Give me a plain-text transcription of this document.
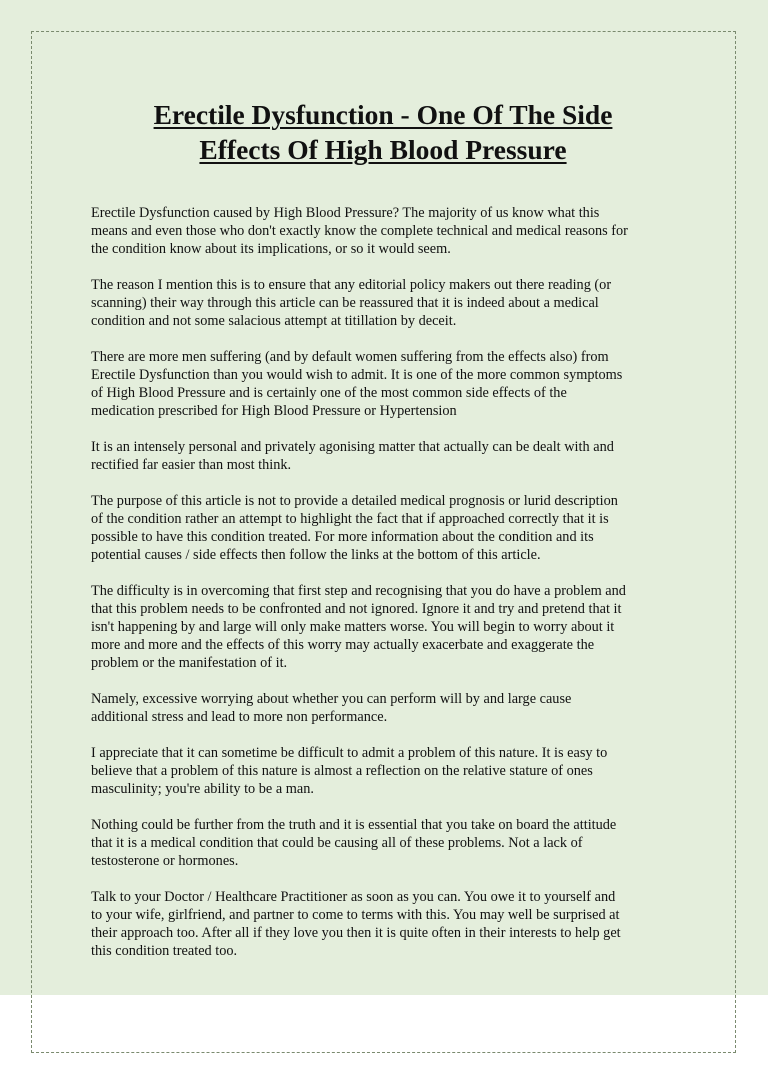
Erectile Dysfunction - One Of The Side
Effects Of High Blood Pressure

Erectile Dysfunction caused by High Blood Pressure? The majority of us know what this
means and even those who don't exactly know the complete technical and medical reasons for
the condition know about its implications, or so it would seem.

The reason I mention this is to ensure that any editorial policy makers out there reading (or
scanning) their way through this article can be reassured that it is indeed about a medical
condition and not some salacious attempt at titillation by deceit.

There are more men suffering (and by default women suffering from the effects also) from
Erectile Dysfunction than you would wish to admit. It is one of the more common symptoms
of High Blood Pressure and is certainly one of the most common side effects of the
medication prescribed for High Blood Pressure or Hypertension

It is an intensely personal and privately agonising matter that actually can be dealt with and
rectified far easier than most think.

The purpose of this article is not to provide a detailed medical prognosis or lurid description
of the condition rather an attempt to highlight the fact that if approached correctly that it is
possible to have this condition treated. For more information about the condition and its
potential causes / side effects then follow the links at the bottom of this article.

The difficulty is in overcoming that first step and recognising that you do have a problem and
that this problem needs to be confronted and not ignored. Ignore it and try and pretend that it
isn't happening by and large will only make matters worse. You will begin to worry about it
more and more and the effects of this worry may actually exacerbate and exaggerate the
problem or the manifestation of it.

Namely, excessive worrying about whether you can perform will by and large cause
additional stress and lead to more non performance.

I appreciate that it can sometime be difficult to admit a problem of this nature. It is easy to
believe that a problem of this nature is almost a reflection on the relative stature of ones
masculinity; you're ability to be a man.

Nothing could be further from the truth and it is essential that you take on board the attitude
that it is a medical condition that could be causing all of these problems. Not a lack of
testosterone or hormones.

Talk to your Doctor / Healthcare Practitioner as soon as you can. You owe it to yourself and
to your wife, girlfriend, and partner to come to terms with this. You may well be surprised at
their approach too. After all if they love you then it is quite often in their interests to help get
this condition treated too.
